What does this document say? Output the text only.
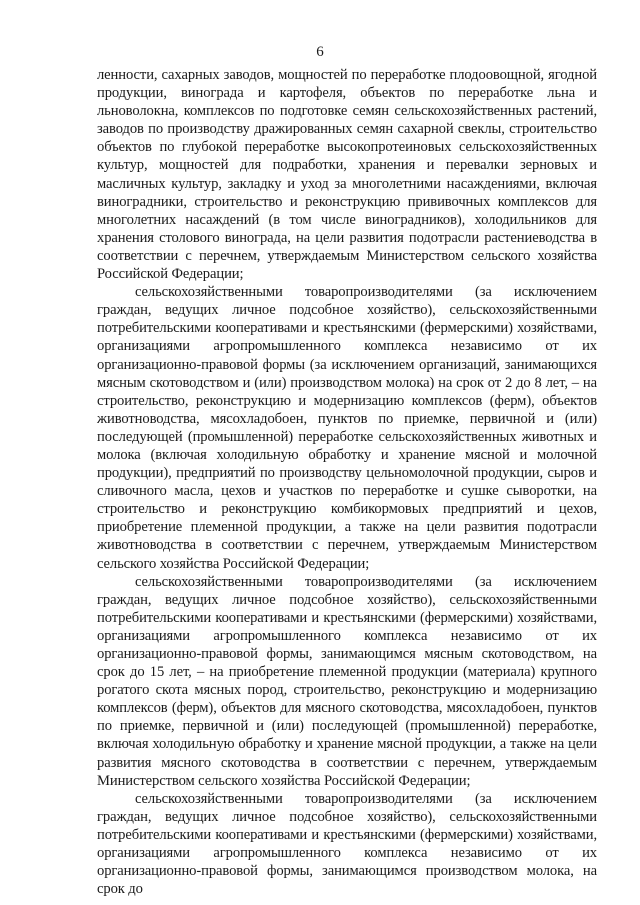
6

ленности, сахарных заводов, мощностей по переработке плодоовощной, ягодной продукции, винограда и картофеля, объектов по переработке льна и льноволокна, комплексов по подготовке семян сельскохозяйственных растений, заводов по производству дражированных семян сахарной свеклы, строительство объектов по глубокой переработке высокопротеиновых сельскохозяйственных культур, мощностей для подработки, хранения и перевалки зерновых и масличных культур, закладку и уход за многолетними насаждениями, включая виноградники, строительство и реконструкцию прививочных комплексов для многолетних насаждений (в том числе виноградников), холодильников для хранения столового винограда, на цели развития подотрасли растениеводства в соответствии с перечнем, утверждаемым Министерством сельского хозяйства Российской Федерации;

сельскохозяйственными товаропроизводителями (за исключением граждан, ведущих личное подсобное хозяйство), сельскохозяйственными потребительскими кооперативами и крестьянскими (фермерскими) хозяйствами, организациями агропромышленного комплекса независимо от их организационно-правовой формы (за исключением организаций, занимающихся мясным скотоводством и (или) производством молока) на срок от 2 до 8 лет, – на строительство, реконструкцию и модернизацию комплексов (ферм), объектов животноводства, мясохладобоен, пунктов по приемке, первичной и (или) последующей (промышленной) переработке сельскохозяйственных животных и молока (включая холодильную обработку и хранение мясной и молочной продукции), предприятий по производству цельномолочной продукции, сыров и сливочного масла, цехов и участков по переработке и сушке сыворотки, на строительство и реконструкцию комбикормовых предприятий и цехов, приобретение племенной продукции, а также на цели развития подотрасли животноводства в соответствии с перечнем, утверждаемым Министерством сельского хозяйства Российской Федерации;

сельскохозяйственными товаропроизводителями (за исключением граждан, ведущих личное подсобное хозяйство), сельскохозяйственными потребительскими кооперативами и крестьянскими (фермерскими) хозяйствами, организациями агропромышленного комплекса независимо от их организационно-правовой формы, занимающимся мясным скотоводством, на срок до 15 лет, – на приобретение племенной продукции (материала) крупного рогатого скота мясных пород, строительство, реконструкцию и модернизацию комплексов (ферм), объектов для мясного скотоводства, мясохладобоен, пунктов по приемке, первичной и (или) последующей (промышленной) переработке, включая холодильную обработку и хранение мясной продукции, а также на цели развития мясного скотоводства в соответствии с перечнем, утверждаемым Министерством сельского хозяйства Российской Федерации;

сельскохозяйственными товаропроизводителями (за исключением граждан, ведущих личное подсобное хозяйство), сельскохозяйственными потребительскими кооперативами и крестьянскими (фермерскими) хозяйствами, организациями агропромышленного комплекса независимо от их организационно-правовой формы, занимающимся производством молока, на срок до
